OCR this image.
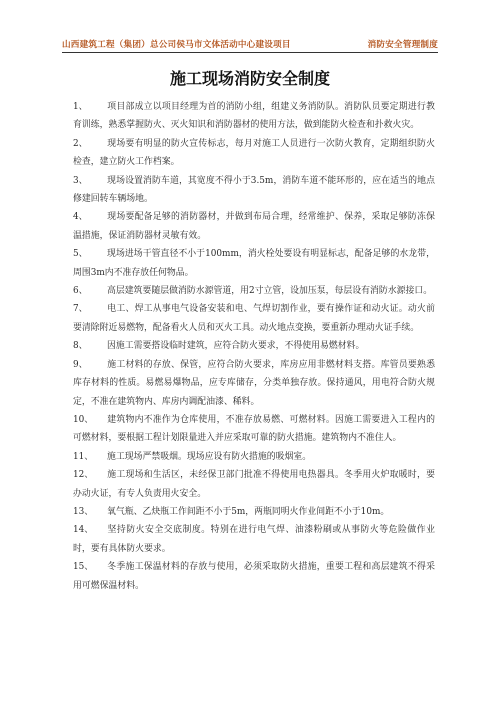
山西建筑工程（集团）总公司侯马市文体活动中心建设项目	消防安全管理制度
施工现场消防安全制度

1、 项目部成立以项目经理为首的消防小组，组建义务消防队。消防队员要定期进行教育训练，熟悉掌握防火、灭火知识和消防器材的使用方法，做到能防火检查和扑救火灾。

2、 现场要有明显的防火宣传标志，每月对施工人员进行一次防火教育，定期组织防火检查，建立防火工作档案。

3、 现场设置消防车道，其宽度不得小于3.5m，消防车道不能环形的，应在适当的地点修建回转车辆场地。

4、 现场要配备足够的消防器材，并做到布局合理，经常维护、保养，采取足够防冻保温措施，保证消防器材灵敏有效。

5、 现场进场干管直径不小于100mm，消火栓处要设有明显标志，配备足够的水龙带，周围3m内不准存放任何物品。

6、 高层建筑要随层做消防水源管道，用2寸立管，设加压泵，每层设有消防水源接口。

7、 电工、焊工从事电气设备安装和电、气焊切割作业，要有操作证和动火证。动火前要清除附近易燃物，配备看火人员和灭火工具。动火地点变换，要重新办理动火证手续。

8、 因施工需要搭设临时建筑，应符合防火要求，不得使用易燃材料。

9、 施工材料的存放、保管，应符合防火要求，库房应用非燃材料支搭。库管员要熟悉库存材料的性质。易燃易爆物品，应专库储存，分类单独存放。保持通风，用电符合防火规定，不准在建筑物内、库房内调配油漆、稀料。

10、 建筑物内不准作为仓库使用，不准存放易燃、可燃材料。因施工需要进入工程内的可燃材料，要根据工程计划限量进入并应采取可靠的防火措施。建筑物内不准住人。

11、 施工现场严禁吸烟。现场应设有防火措施的吸烟室。

12、 施工现场和生活区，未经保卫部门批准不得使用电热器具。冬季用火炉取暖时，要办动火证，有专人负责用火安全。

13、 氧气瓶、乙炔瓶工作间距不小于5m，两瓶同明火作业间距不小于10m。

14、 坚持防火安全交底制度。特别在进行电气焊、油漆粉刷或从事防火等危险做作业时，要有具体防火要求。

15、 冬季施工保温材料的存放与使用，必须采取防火措施，重要工程和高层建筑不得采用可燃保温材料。
